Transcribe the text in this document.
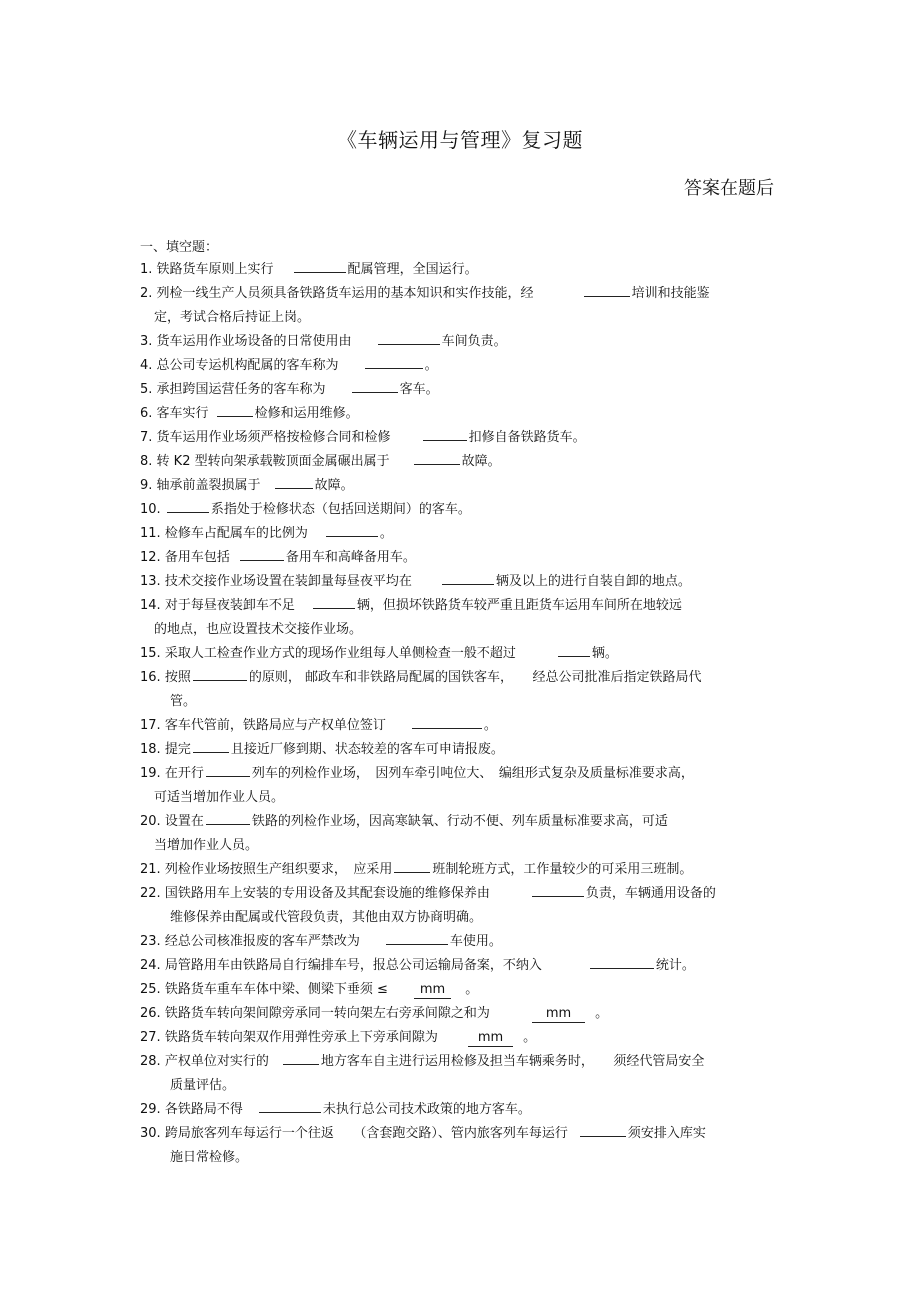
《车辆运用与管理》复习题
答案在题后
一、填空题：
1. 铁路货车原则上实行	配属管理，全国运行。
2. 列检一线生产人员须具备铁路货车运用的基本知识和实作技能，经	培训和技能鉴
定，考试合格后持证上岗。
3. 货车运用作业场设备的日常使用由	车间负责。
4. 总公司专运机构配属的客车称为	。
5. 承担跨国运营任务的客车称为	客车。
6. 客车实行	检修和运用维修。
7. 货车运用作业场须严格按检修合同和检修	扣修自备铁路货车。
8. 转 K2 型转向架承载鞍顶面金属碾出属于	故障。
9. 轴承前盖裂损属于	故障。
10.	系指处于检修状态（包括回送期间）的客车。
11. 检修车占配属车的比例为	。
12. 备用车包括	备用车和高峰备用车。
13. 技术交接作业场设置在装卸量每昼夜平均在	辆及以上的进行自装自卸的地点。
14. 对于每昼夜装卸车不足	辆，但损坏铁路货车较严重且距货车运用车间所在地较远
的地点，也应设置技术交接作业场。
15. 采取人工检查作业方式的现场作业组每人单侧检查一般不超过	辆。
16. 按照	的原则， 邮政车和非铁路局配属的国铁客车，　　经总公司批准后指定铁路局代
管。
17. 客车代管前，铁路局应与产权单位签订	。
18. 提完	且接近厂修到期、状态较差的客车可申请报废。
19. 在开行	列车的列检作业场，　因列车牵引吨位大、　编组形式复杂及质量标准要求高，
可适当增加作业人员。
20. 设置在	铁路的列检作业场，因高寒缺氧、行动不便、列车质量标准要求高，可适
当增加作业人员。
21. 列检作业场按照生产组织要求，　应采用	班制轮班方式，工作量较少的可采用三班制。
22. 国铁路用车上安装的专用设备及其配套设施的维修保养由	负责，车辆通用设备的
维修保养由配属或代管段负责，其他由双方协商明确。
23. 经总公司核准报废的客车严禁改为	车使用。
24. 局管路用车由铁路局自行编排车号，报总公司运输局备案，不纳入	统计。
25. 铁路货车重车车体中梁、侧梁下垂须 ≤ mm 。
26. 铁路货车转向架间隙旁承同一转向架左右旁承间隙之和为	mm 。
27. 铁路货车转向架双作用弹性旁承上下旁承间隙为	mm 。
28. 产权单位对实行的	地方客车自主进行运用检修及担当车辆乘务时，　　须经代管局安全
质量评估。
29. 各铁路局不得	未执行总公司技术政策的地方客车。
30. 跨局旅客列车每运行一个往返　　（含套跑交路）、管内旅客列车每运行	须安排入库实
施日常检修。
